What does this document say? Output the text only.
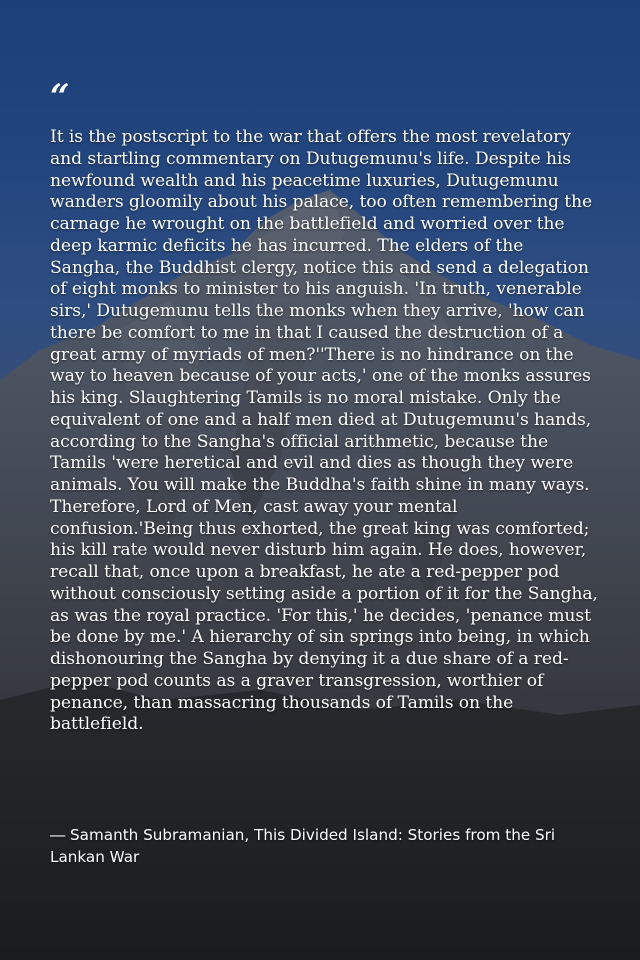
“

It is the postscript to the war that offers the most revelatory and startling commentary on Dutugemunu's life. Despite his newfound wealth and his peacetime luxuries, Dutugemunu wanders gloomily about his palace, too often remembering the carnage he wrought on the battlefield and worried over the deep karmic deficits he has incurred. The elders of the Sangha, the Buddhist clergy, notice this and send a delegation of eight monks to minister to his anguish. 'In truth, venerable sirs,' Dutugemunu tells the monks when they arrive, 'how can there be comfort to me in that I caused the destruction of a great army of myriads of men?''There is no hindrance on the way to heaven because of your acts,' one of the monks assures his king. Slaughtering Tamils is no moral mistake. Only the equivalent of one and a half men died at Dutugemunu's hands, according to the Sangha's official arithmetic, because the Tamils 'were heretical and evil and dies as though they were animals. You will make the Buddha's faith shine in many ways. Therefore, Lord of Men, cast away your mental confusion.'Being thus exhorted, the great king was comforted; his kill rate would never disturb him again. He does, however, recall that, once upon a breakfast, he ate a red-pepper pod without consciously setting aside a portion of it for the Sangha, as was the royal practice. 'For this,' he decides, 'penance must be done by me.' A hierarchy of sin springs into being, in which dishonouring the Sangha by denying it a due share of a red-pepper pod counts as a graver transgression, worthier of penance, than massacring thousands of Tamils on the battlefield.

― Samanth Subramanian, This Divided Island: Stories from the Sri Lankan War
